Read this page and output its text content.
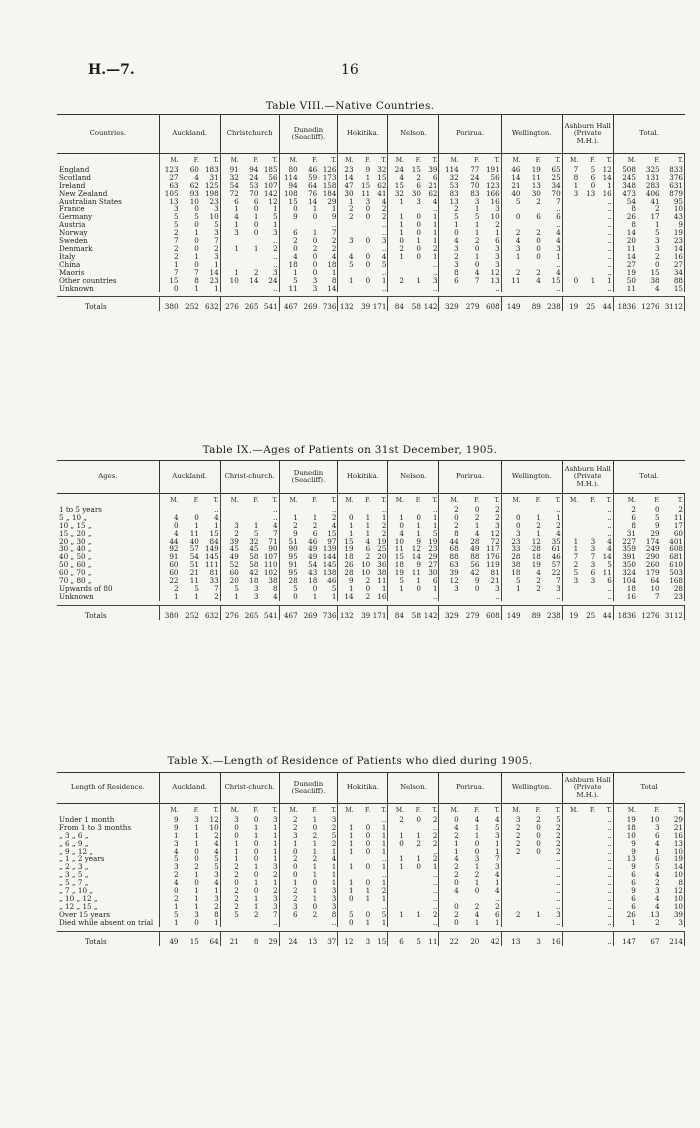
H.—7.	16
Table VIII.—Native Countries.
Countries.	Auckland.			Christchurch			Dunedin (Seacliff).			Hokitika.			Nelson.			Porirua.			Wellington.			Ashburn Hall (Private M.H.).			Total.		
	M.	F.	T.	M.	F.	T.	M.	F.	T.	M.	F.	T.	M.	F.	T.	M.	F.	T.	M.	F.	T.	M.	F.	T.	M.	F.	T.
England	123	60	183	91	94	185	80	46	126	23	9	32	24	15	39	114	77	191	46	19	65	7	5	12	508	325	833
Scotland	27	4	31	32	24	56	114	59	173	14	1	15	4	2	6	32	24	56	14	11	25	8	6	14	245	131	376
Ireland	63	62	125	54	53	107	94	64	158	47	15	62	15	6	21	53	70	123	21	13	34	1	0	1	348	283	631
New Zealand	105	93	198	72	70	142	108	76	184	30	11	41	32	30	62	83	83	166	40	30	70	3	13	16	473	406	879
Australian States	13	10	23	6	6	12	15	14	29	1	3	4	1	3	4	13	3	16	5	2	7			..	54	41	95
France	3	0	3	1	0	1	0	1	1	2	0	2			..	2	1	3			..			..	8	2	10
Germany	5	5	10	4	1	5	9	0	9	2	0	2	1	0	1	5	5	10	0	6	6			..	26	17	43
Austria	5	0	5	1	0	1			..			..	1	0	1	1	1	2			..			..	8	1	9
Norway	2	1	3	3	0	3	6	1	7			..	1	0	1	0	1	1	2	2	4			..	14	5	19
Sweden	7	0	7			..	2	0	2	3	0	3	0	1	1	4	2	6	4	0	4			..	20	3	23
Denmark	2	0	2	1	1	2	0	2	2			..	2	0	2	3	0	3	3	0	3			..	11	3	14
Italy	2	1	3			..	4	0	4	4	0	4	1	0	1	2	1	3	1	0	1			..	14	2	16
China	1	0	1			..	18	0	18	5	0	5			..	3	0	3			..			..	27	0	27
Maoris	7	7	14	1	2	3	1	0	1			..			..	8	4	12	2	2	4			..	19	15	34
Other countries	15	8	23	10	14	24	5	3	8	1	0	1	2	1	3	6	7	13	11	4	15	0	1	1	50	38	88
Unknown	0	1	1			..	11	3	14			..			..			..			..			..	11	4	15

Totals	380	252	632	276	265	541	467	269	736	132	39	171	84	58	142	329	279	608	149	89	238	19	25	44	1836	1276	3112
Table IX.—Ages of Patients on 31st December, 1905.
Ages.	Auckland.			Christ-church.			Dunedin (Seacliff).			Hokitika.			Nelson.			Porirua.			Wellington.			Ashburn Hall (Private M.H.).			Total.		
	M.	F.	T.	M.	F.	T.	M.	F.	T.	M.	F.	T.	M.	F.	T.	M.	F.	T.	M.	F.	T.	M.	F.	T.	M.	F.	T.
1 to 5 years			..			..			..			..			..	2	0	2			..			..	2	0	2
5 „ 10 „	4	0	4			..	1	1	2	0	1	1	1	0	1	0	2	2	0	1	1			..	6	5	11
10 „ 15 „	0	1	1	3	1	4	2	2	4	1	1	2	0	1	1	2	1	3	0	2	2			..	8	9	17
15 „ 20 „	4	11	15	2	5	7	9	6	15	1	1	2	4	1	5	8	4	12	3	1	4			..	31	29	60
20 „ 30 „	44	40	84	39	32	71	51	46	97	15	4	19	10	9	19	44	28	72	23	12	35	1	3	4	227	174	401
30 „ 40 „	92	57	149	45	45	90	90	49	139	19	6	25	11	12	23	68	49	117	33	28	61	1	3	4	359	249	608
40 „ 50 „	91	54	145	49	58	107	95	49	144	18	2	20	15	14	29	88	88	176	28	18	46	7	7	14	391	290	681
50 „ 60 „	60	51	111	52	58	110	91	54	145	26	10	36	18	9	27	63	56	119	38	19	57	2	3	5	350	260	610
60 „ 70 „	60	21	81	60	42	102	95	43	138	28	10	38	19	11	30	39	42	81	18	4	22	5	6	11	324	179	503
70 „ 80 „	22	11	33	20	18	38	28	18	46	9	2	11	5	1	6	12	9	21	5	2	7	3	3	6	104	64	168
Upwards of 80	2	5	7	5	3	8	5	0	5	1	0	1	1	0	1	3	0	3	1	2	3			..	18	10	28
Unknown	1	1	2	1	3	4	0	1	1	14	2	16			..			..			..			..	16	7	23

Totals	380	252	632	276	265	541	467	269	736	132	39	171	84	58	142	329	279	608	149	89	238	19	25	44	1836	1276	3112
Table X.—Length of Residence of Patients who died during 1905.
Length of Residence.	Auckland.			Christ-church.			Dunedin (Seacliff).			Hokitika.			Nelson.			Porirua.			Wellington.			Ashburn Hall (Private M.H.).			Total		
	M.	F.	T.	M.	F.	T.	M.	F.	T.	M.	F.	T.	M.	F.	T.	M.	F.	T.	M.	F.	T.	M.	F.	T.	M.	F.	T.
Under 1 month	9	3	12	3	0	3	2	1	3			..	2	0	2	0	4	4	3	2	5			..	19	10	29
From 1 to 3 months	9	1	10	0	1	1	2	0	2	1	0	1			..	4	1	5	2	0	2			..	18	3	21
„ 3 „ 6 „	1	1	2	0	1	1	3	2	5	1	0	1	1	1	2	2	1	3	2	0	2			..	10	6	16
„ 6 „ 9 „	3	1	4	1	0	1	1	1	2	1	0	1	0	2	2	1	0	1	2	0	2			..	9	4	13
„ 9 „ 12 „	4	0	4	1	0	1	0	1	1	1	0	1			..	1	0	1	2	0	2			..	9	1	10
„ 1 „ 2 years	5	0	5	1	0	1	2	2	4			..	1	1	2	4	3	7			..			..	13	6	19
„ 2 „ 3 „	3	2	5	2	1	3	0	1	1	1	0	1	1	0	1	2	1	3			..			..	9	5	14
„ 3 „ 5 „	2	1	3	2	0	2	0	1	1			..			..	2	2	4			..			..	6	4	10
„ 5 „ 7 „	4	0	4	0	1	1	1	0	1	1	0	1			..	0	1	1			..			..	6	2	8
„ 7 „ 10 „	0	1	1	2	0	2	2	1	3	1	1	2			..	4	0	4			..			..	9	3	12
„ 10 „ 12 „	2	1	3	2	1	3	2	1	3	0	1	1			..			..			..			..	6	4	10
„ 12 „ 15 „	1	1	2	2	1	3	3	0	3			..			..	0	2	2			..			..	6	4	10
Over 15 years	5	3	8	5	2	7	6	2	8	5	0	5	1	1	2	2	4	6	2	1	3			..	26	13	39
Died while absent on trial	1	0	1			..			..	0	1	1			..	0	1	1			..			..	1	2	3

Totals	49	15	64	21	8	29	24	13	37	12	3	15	6	5	11	22	20	42	13	3	16			..	147	67	214
